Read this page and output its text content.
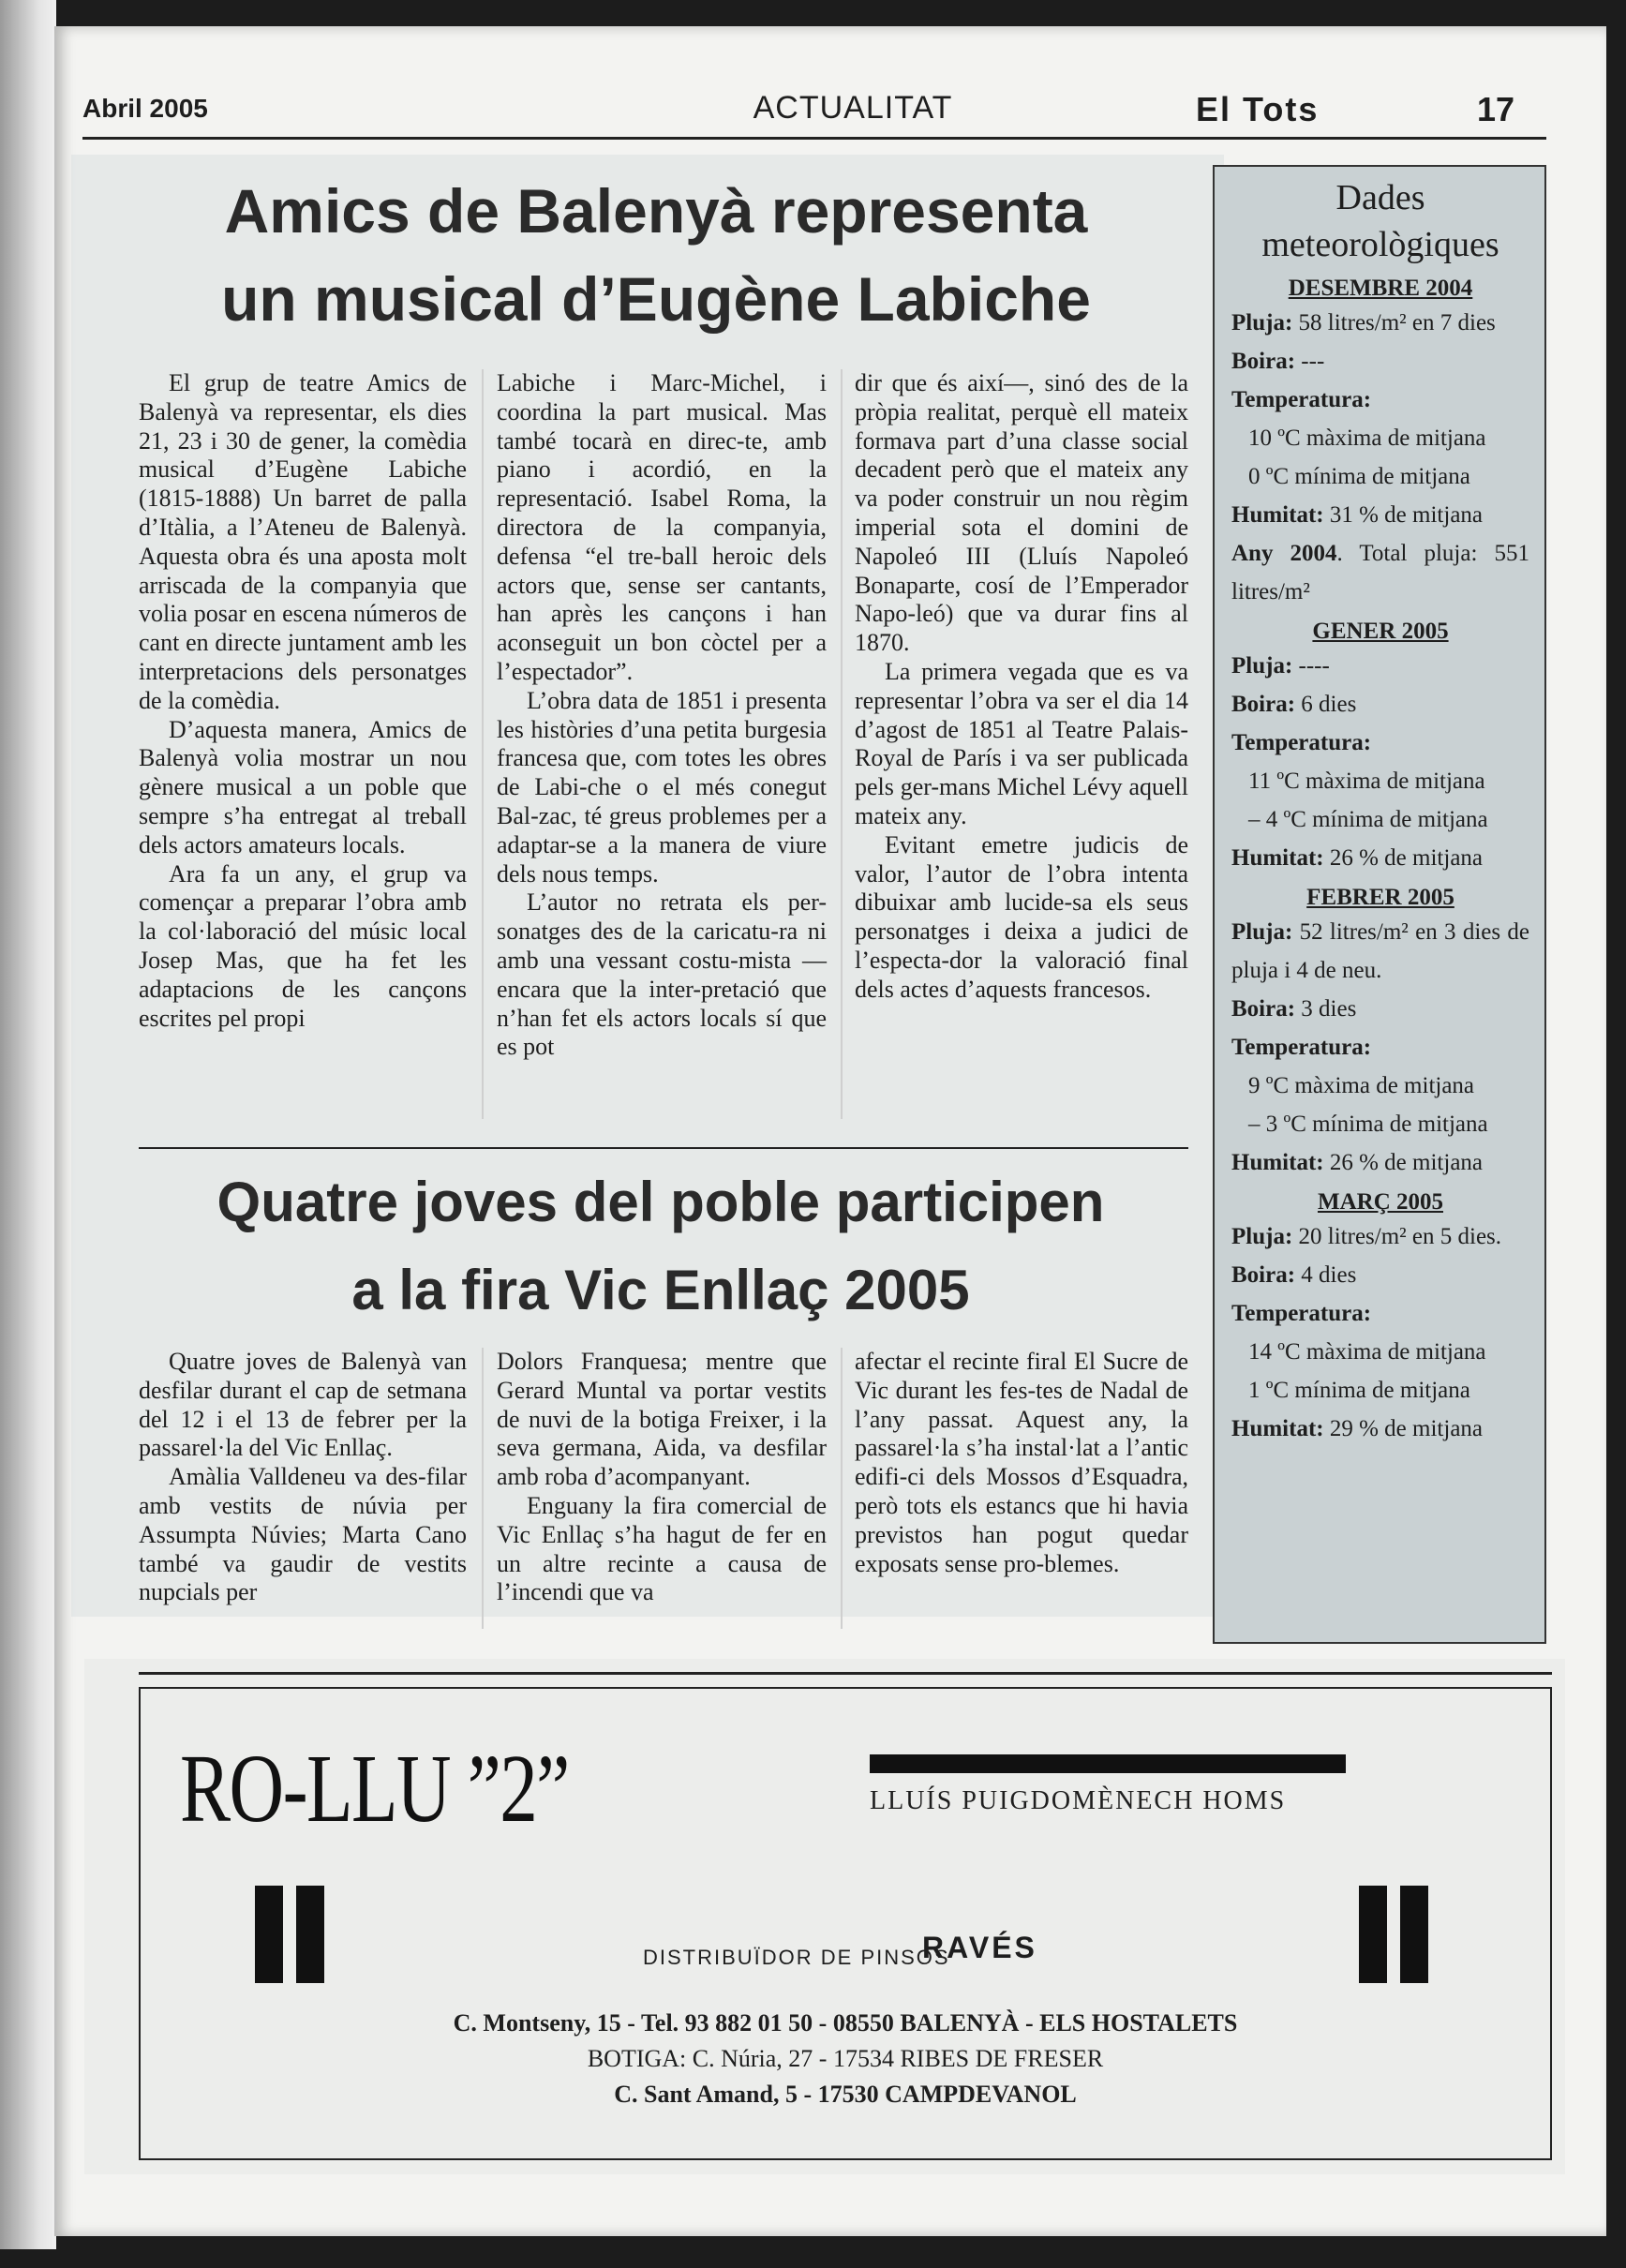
Abril 2005	ACTUALITAT	El Tots	17
Amics de Balenyà representa
un musical d’Eugène Labiche

El grup de teatre Amics de Balenyà va representar, els dies 21, 23 i 30 de gener, la comèdia musical d’Eugène Labiche (1815-1888) Un barret de palla d’Itàlia, a l’Ateneu de Balenyà. Aquesta obra és una aposta molt arriscada de la companyia que volia posar en escena números de cant en directe juntament amb les interpretacions dels personatges de la comèdia.

D’aquesta manera, Amics de Balenyà volia mostrar un nou gènere musical a un poble que sempre s’ha entregat al treball dels actors amateurs locals.

Ara fa un any, el grup va començar a preparar l’obra amb la col·laboració del músic local Josep Mas, que ha fet les adaptacions de les cançons escrites pel propi

Labiche i Marc-Michel, i coordina la part musical. Mas també tocarà en direc-te, amb piano i acordió, en la representació. Isabel Roma, la directora de la companyia, defensa “el tre-ball heroic dels actors que, sense ser cantants, han après les cançons i han aconseguit un bon còctel per a l’espectador”.

L’obra data de 1851 i presenta les històries d’una petita burgesia francesa que, com totes les obres de Labi-che o el més conegut Bal-zac, té greus problemes per a adaptar-se a la manera de viure dels nous temps.

L’autor no retrata els per-sonatges des de la caricatu-ra ni amb una vessant costu-mista —encara que la inter-pretació que n’han fet els actors locals sí que es pot

dir que és així—, sinó des de la pròpia realitat, perquè ell mateix formava part d’una classe social decadent però que el mateix any va poder construir un nou règim imperial sota el domini de Napoleó III (Lluís Napoleó Bonaparte, cosí de l’Emperador Napo-leó) que va durar fins al 1870.

La primera vegada que es va representar l’obra va ser el dia 14 d’agost de 1851 al Teatre Palais-Royal de París i va ser publicada pels ger-mans Michel Lévy aquell mateix any.

Evitant emetre judicis de valor, l’autor de l’obra intenta dibuixar amb lucide-sa els seus personatges i deixa a judici de l’especta-dor la valoració final dels actes d’aquests francesos.

Quatre joves del poble participen
a la fira Vic Enllaç 2005

Quatre joves de Balenyà van desfilar durant el cap de setmana del 12 i el 13 de febrer per la passarel·la del Vic Enllaç.

Amàlia Valldeneu va des-filar amb vestits de núvia per Assumpta Núvies; Marta Cano també va gaudir de vestits nupcials per

Dolors Franquesa; mentre que Gerard Muntal va portar vestits de nuvi de la botiga Freixer, i la seva germana, Aida, va desfilar amb roba d’acompanyant.

Enguany la fira comercial de Vic Enllaç s’ha hagut de fer en un altre recinte a causa de l’incendi que va

afectar el recinte firal El Sucre de Vic durant les fes-tes de Nadal de l’any passat. Aquest any, la passarel·la s’ha instal·lat a l’antic edifi-ci dels Mossos d’Esquadra, però tots els estancs que hi havia previstos han pogut quedar exposats sense pro-blemes.

Dades
meteorològiques
DESEMBRE 2004
Pluja: 58 litres/m² en 7 dies
Boira: ---
Temperatura:
10 ºC màxima de mitjana
0 ºC mínima de mitjana
Humitat: 31 % de mitjana
Any 2004. Total pluja: 551 litres/m²
GENER 2005
Pluja: ----
Boira: 6 dies
Temperatura:
11 ºC màxima de mitjana
– 4 ºC mínima de mitjana
Humitat: 26 % de mitjana
FEBRER 2005
Pluja: 52 litres/m² en 3 dies de pluja i 4 de neu.
Boira: 3 dies
Temperatura:
9 ºC màxima de mitjana
– 3 ºC mínima de mitjana
Humitat: 26 % de mitjana
MARÇ 2005
Pluja: 20 litres/m² en 5 dies.
Boira: 4 dies
Temperatura:
14 ºC màxima de mitjana
1 ºC mínima de mitjana
Humitat: 29 % de mitjana
RO-LLU ”2”	LLUÍS PUIGDOMÈNECH HOMS
DISTRIBUÏDOR DE PINSOS
RAVÉS
C. Montseny, 15 - Tel. 93 882 01 50 - 08550 BALENYÀ - ELS HOSTALETS
BOTIGA: C. Núria, 27 - 17534 RIBES DE FRESER
C. Sant Amand, 5 - 17530 CAMPDEVANOL
